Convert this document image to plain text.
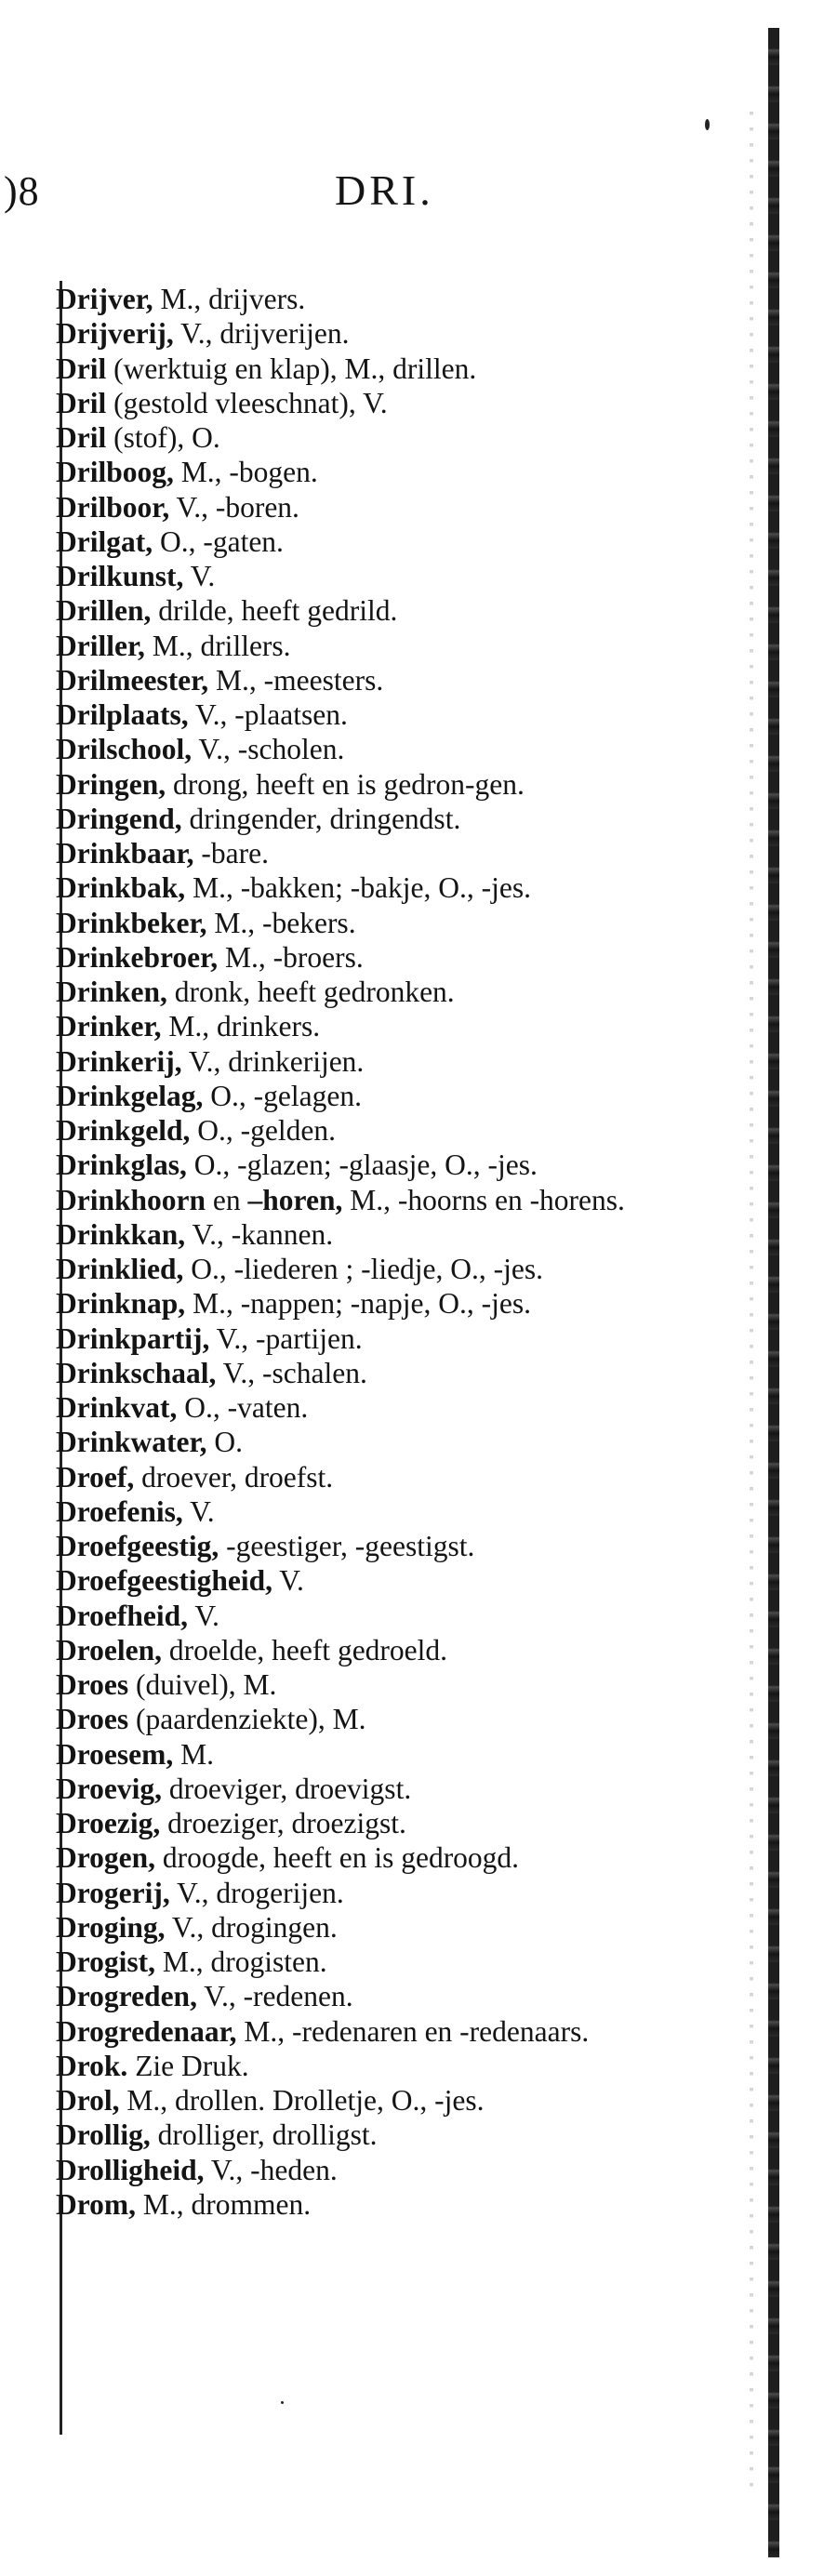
)8	DRI.
Drijver, M., drijvers.
Drijverij, V., drijverijen.
Dril (werktuig en klap), M., drillen.
Dril (gestold vleeschnat), V.
Dril (stof), O.
Drilboog, M., -bogen.
Drilboor, V., -boren.
Drilgat, O., -gaten.
Drilkunst, V.
Drillen, drilde, heeft gedrild.
Driller, M., drillers.
Drilmeester, M., -meesters.
Drilplaats, V., -plaatsen.
Drilschool, V., -scholen.
Dringen, drong, heeft en is gedron-gen.
Dringend, dringender, dringendst.
Drinkbaar, -bare.
Drinkbak, M., -bakken; -bakje, O., -jes.
Drinkbeker, M., -bekers.
Drinkebroer, M., -broers.
Drinken, dronk, heeft gedronken.
Drinker, M., drinkers.
Drinkerij, V., drinkerijen.
Drinkgelag, O., -gelagen.
Drinkgeld, O., -gelden.
Drinkglas, O., -glazen; -glaasje, O., -jes.
Drinkhoorn en –horen, M., -hoorns en -horens.
Drinkkan, V., -kannen.
Drinklied, O., -liederen ; -liedje, O., -jes.
Drinknap, M., -nappen; -napje, O., -jes.
Drinkpartij, V., -partijen.
Drinkschaal, V., -schalen.
Drinkvat, O., -vaten.
Drinkwater, O.
Droef, droever, droefst.
Droefenis, V.
Droefgeestig, -geestiger, -geestigst.
Droefgeestigheid, V.
Droefheid, V.
Droelen, droelde, heeft gedroeld.
Droes (duivel), M.
Droes (paardenziekte), M.
Droesem, M.
Droevig, droeviger, droevigst.
Droezig, droeziger, droezigst.
Drogen, droogde, heeft en is gedroogd.
Drogerij, V., drogerijen.
Droging, V., drogingen.
Drogist, M., drogisten.
Drogreden, V., -redenen.
Drogredenaar, M., -redenaren en -redenaars.
Drok. Zie Druk.
Drol, M., drollen. Drolletje, O., -jes.
Drollig, drolliger, drolligst.
Drolligheid, V., -heden.
Drom, M., drommen.
